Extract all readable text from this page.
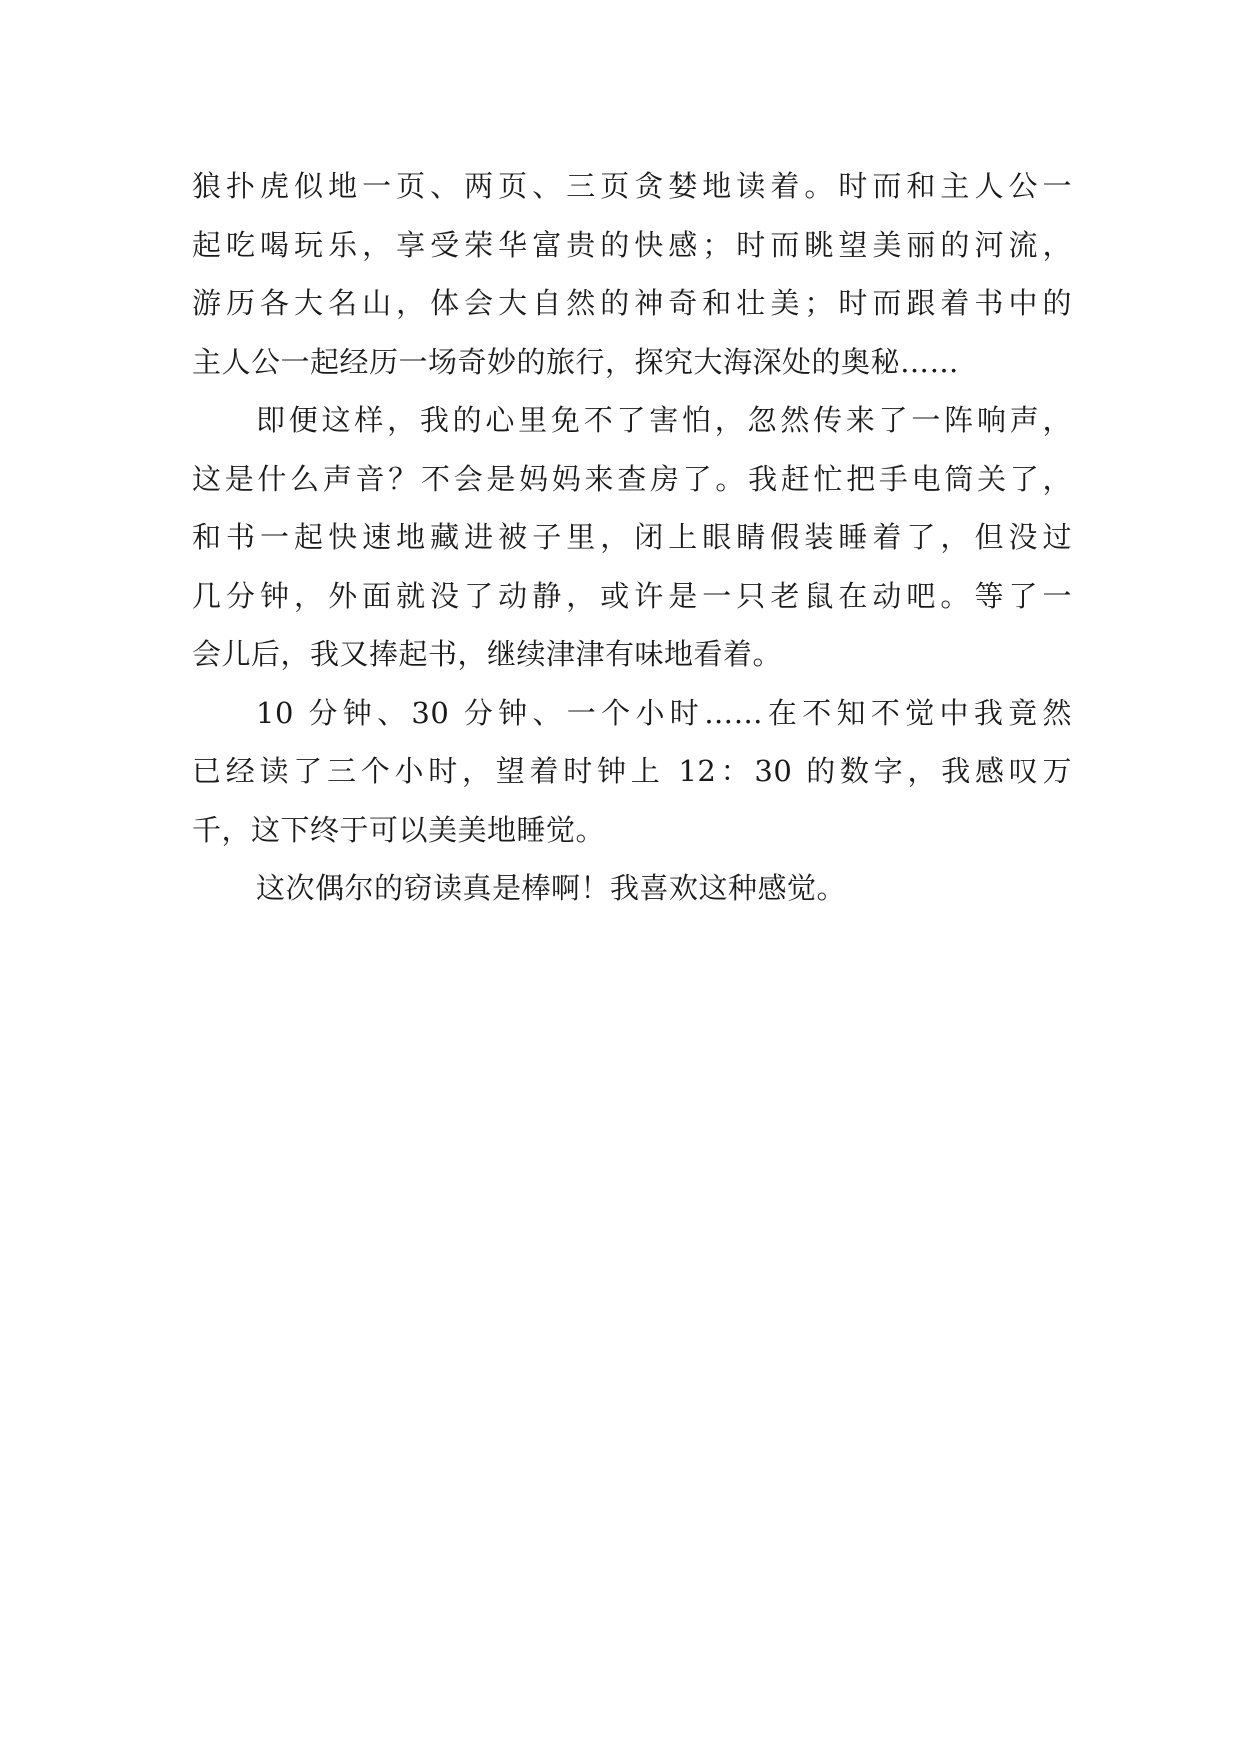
狼扑虎似地一页、两页、三页贪婪地读着。时而和主人公一
起吃喝玩乐，享受荣华富贵的快感；时而眺望美丽的河流，
游历各大名山，体会大自然的神奇和壮美；时而跟着书中的
主人公一起经历一场奇妙的旅行，探究大海深处的奥秘……
即便这样，我的心里免不了害怕，忽然传来了一阵响声，
这是什么声音？不会是妈妈来查房了。我赶忙把手电筒关了，
和书一起快速地藏进被子里，闭上眼睛假装睡着了，但没过
几分钟，外面就没了动静，或许是一只老鼠在动吧。等了一
会儿后，我又捧起书，继续津津有味地看着。
10 分钟、30 分钟、一个小时……在不知不觉中我竟然
已经读了三个小时，望着时钟上 12：30 的数字，我感叹万
千，这下终于可以美美地睡觉。
这次偶尔的窃读真是棒啊！我喜欢这种感觉。
